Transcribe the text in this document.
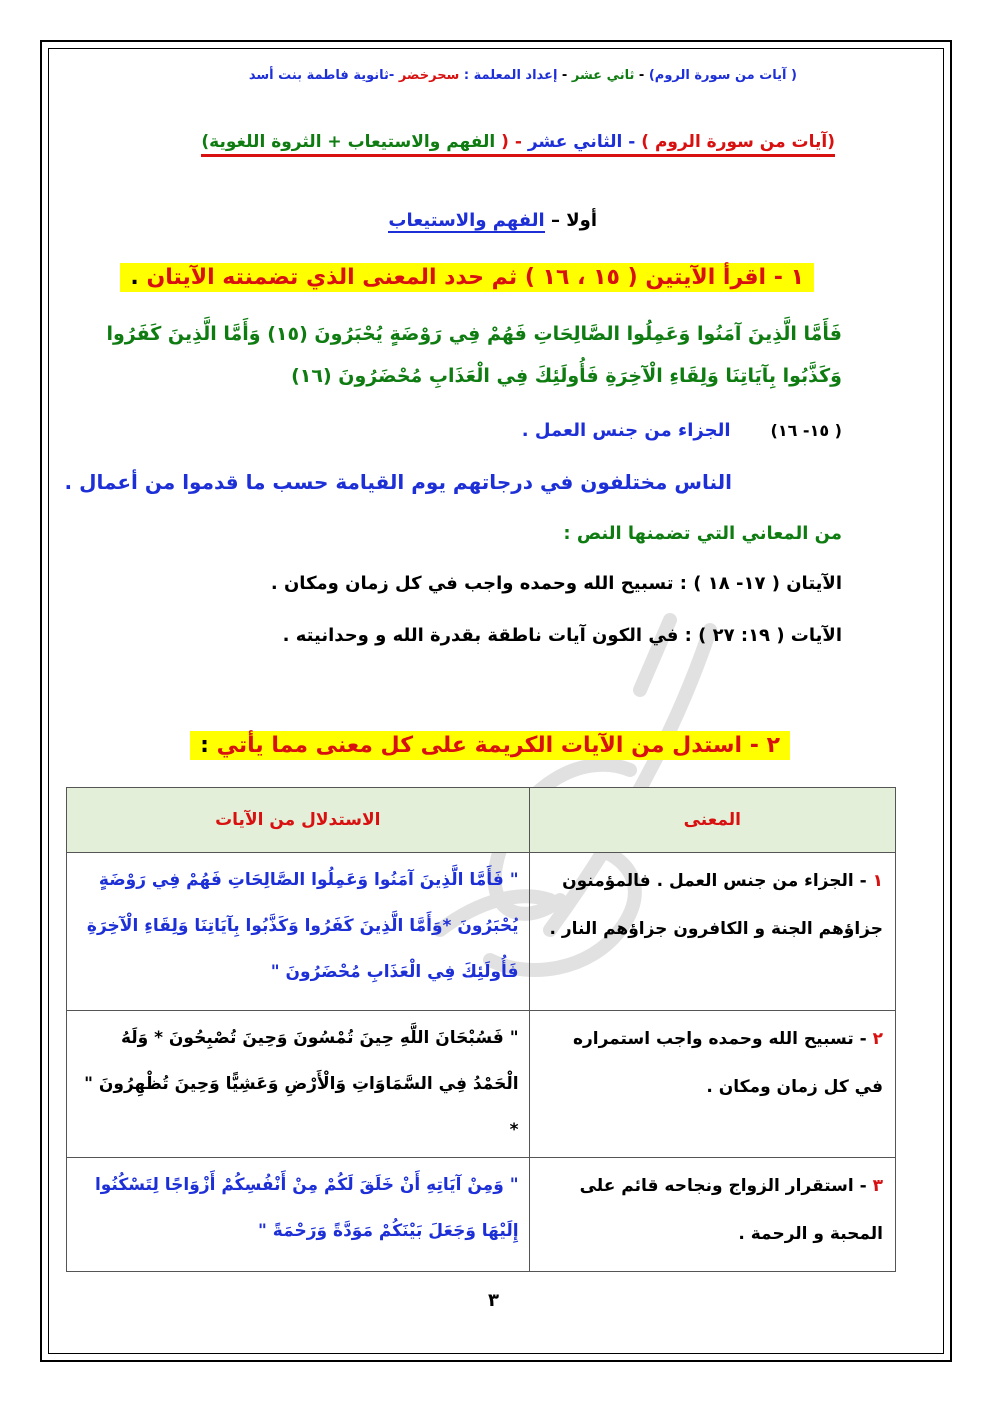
( آيات من سورة الروم) - ثاني عشر - إعداد المعلمة : سحرخضر -ثانوية فاطمة بنت أسد
(آيات من سورة الروم ) - الثاني عشر - ( الفهم والاستيعاب + الثروة اللغوية)
أولا – الفهم والاستيعاب
١ - اقرأ الآيتين ( ١٥ ، ١٦ ) ثم حدد المعنى الذي تضمنته الآيتان .
فَأَمَّا الَّذِينَ آمَنُوا وَعَمِلُوا الصَّالِحَاتِ فَهُمْ فِي رَوْضَةٍ يُحْبَرُونَ (١٥) وَأَمَّا الَّذِينَ كَفَرُوا
وَكَذَّبُوا بِآيَاتِنَا وَلِقَاءِ الْآخِرَةِ فَأُولَئِكَ فِي الْعَذَابِ مُحْضَرُونَ (١٦)
( ١٥- ١٦)الجزاء من جنس العمل .
الناس مختلفون في درجاتهم يوم القيامة حسب ما قدموا من أعمال .
من المعاني التي تضمنها النص :
الآيتان ( ١٧- ١٨ ) : تسبيح الله وحمده واجب في كل زمان ومكان .
الآيات ( ١٩: ٢٧ ) : في الكون آيات ناطقة بقدرة الله و وحدانيته .
٢ - استدل من الآيات الكريمة على كل معنى مما يأتي :
المعنى	الاستدلال من الآيات
١ - الجزاء من جنس العمل . فالمؤمنون جزاؤهم الجنة و الكافرون جزاؤهم النار .	" فَأَمَّا الَّذِينَ آمَنُوا وَعَمِلُوا الصَّالِحَاتِ فَهُمْ فِي رَوْضَةٍ يُحْبَرُونَ *وَأَمَّا الَّذِينَ كَفَرُوا وَكَذَّبُوا بِآيَاتِنَا وَلِقَاءِ الْآخِرَةِ فَأُولَئِكَ فِي الْعَذَابِ مُحْضَرُونَ "
٢ - تسبيح الله وحمده واجب استمراره في كل زمان ومكان .	" فَسُبْحَانَ اللَّهِ حِينَ تُمْسُونَ وَحِينَ تُصْبِحُونَ * وَلَهُ الْحَمْدُ فِي السَّمَاوَاتِ وَالْأَرْضِ وَعَشِيًّا وَحِينَ تُظْهِرُونَ " *
٣ - استقرار الزواج ونجاحه قائم على المحبة و الرحمة .	" وَمِنْ آيَاتِهِ أَنْ خَلَقَ لَكُمْ مِنْ أَنْفُسِكُمْ أَزْوَاجًا لِتَسْكُنُوا إِلَيْهَا وَجَعَلَ بَيْنَكُمْ مَوَدَّةً وَرَحْمَةً "
٣
